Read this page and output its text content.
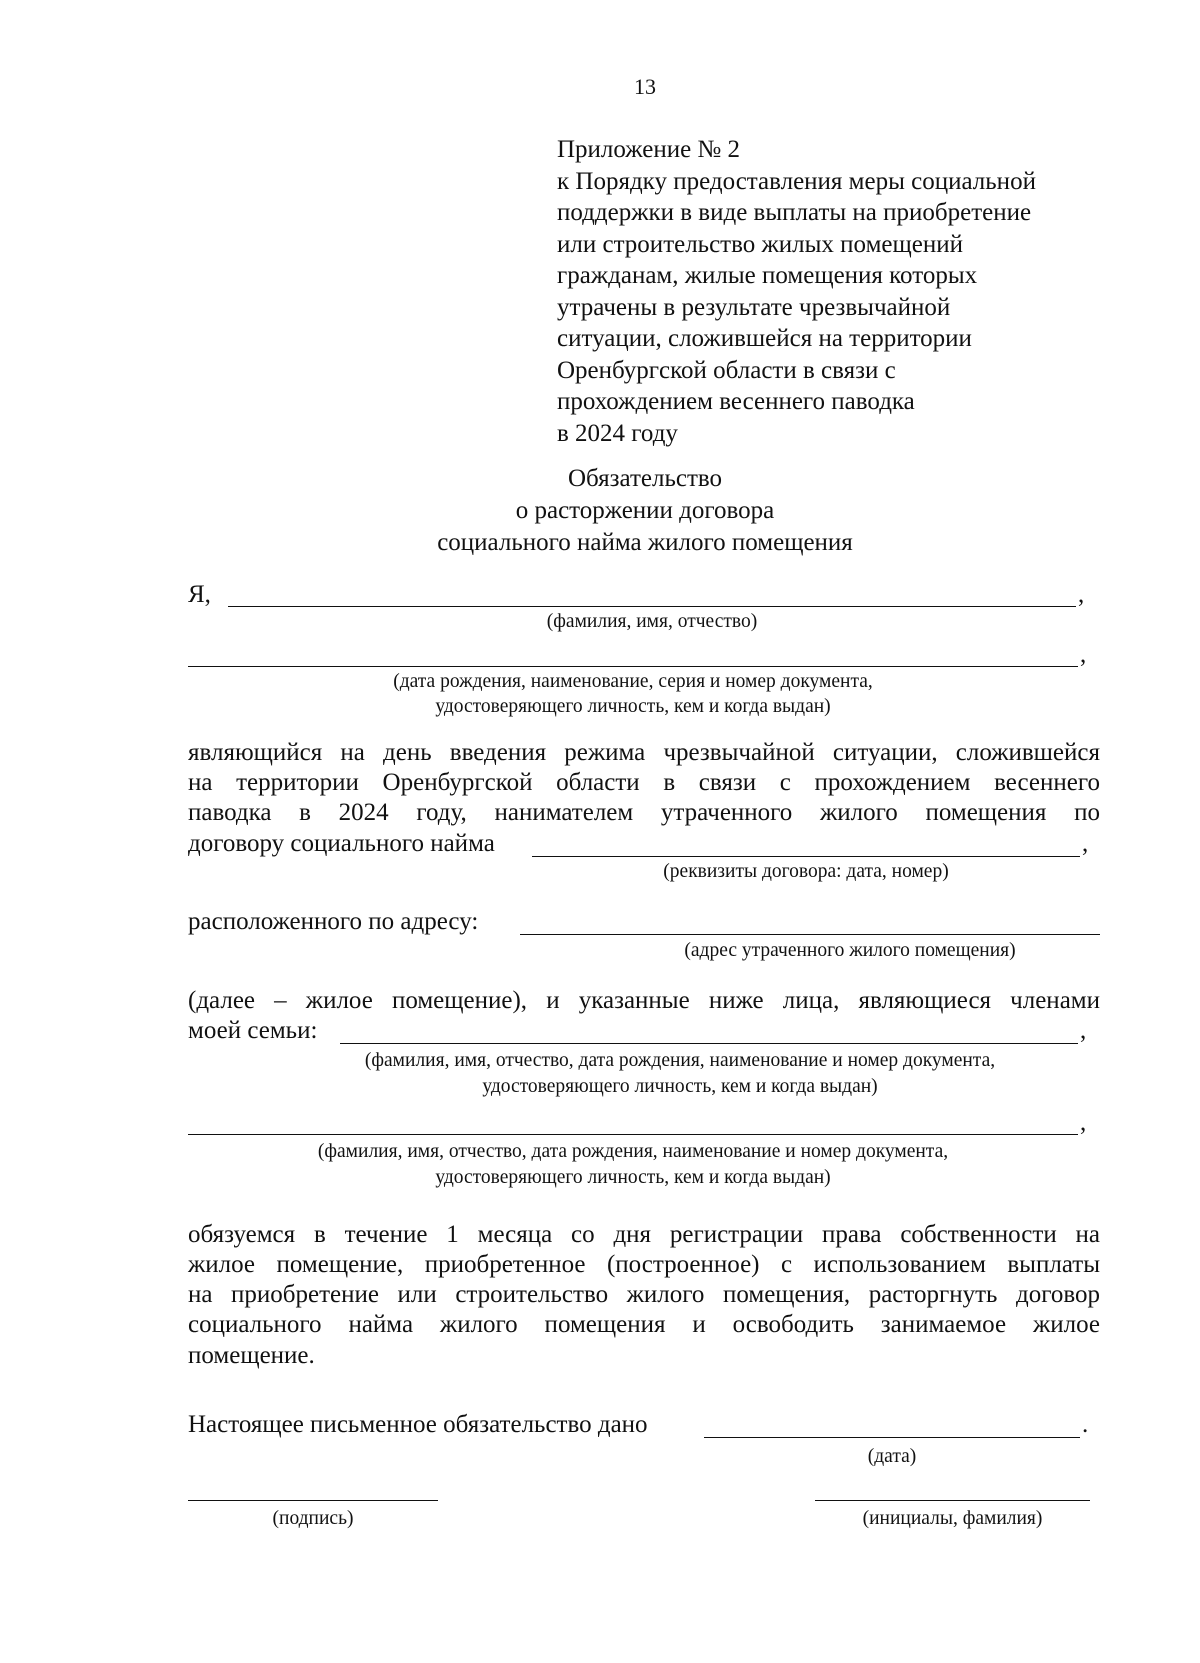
13
Приложение № 2
к Порядку предоставления меры социальной
поддержки в виде выплаты на приобретение
или строительство жилых помещений
гражданам, жилые помещения которых
утрачены в результате чрезвычайной
ситуации, сложившейся на территории
Оренбургской области в связи с
прохождением весеннего паводка
в 2024 году
Обязательство
о расторжении договора
социального найма жилого помещения
Я,	,
(фамилия, имя, отчество)
,
(дата рождения, наименование, серия и номер документа,
удостоверяющего личность, кем и когда выдан)
являющийся на день введения режима чрезвычайной ситуации, сложившейся
на территории Оренбургской области в связи с прохождением весеннего
паводка в 2024 году, нанимателем утраченного жилого помещения по
договору социального найма	,
(реквизиты договора: дата, номер)
расположенного по адресу:
(адрес утраченного жилого помещения)
(далее – жилое помещение), и указанные ниже лица, являющиеся членами
моей семьи:	,
(фамилия, имя, отчество, дата рождения, наименование и номер документа,
удостоверяющего личность, кем и когда выдан)
,
(фамилия, имя, отчество, дата рождения, наименование и номер документа,
удостоверяющего личность, кем и когда выдан)
обязуемся в течение 1 месяца со дня регистрации права собственности на
жилое помещение, приобретенное (построенное) с использованием выплаты
на приобретение или строительство жилого помещения, расторгнуть договор
социального найма жилого помещения и освободить занимаемое жилое
помещение.
Настоящее письменное обязательство дано	.
(дата)
(подпись)	(инициалы, фамилия)
